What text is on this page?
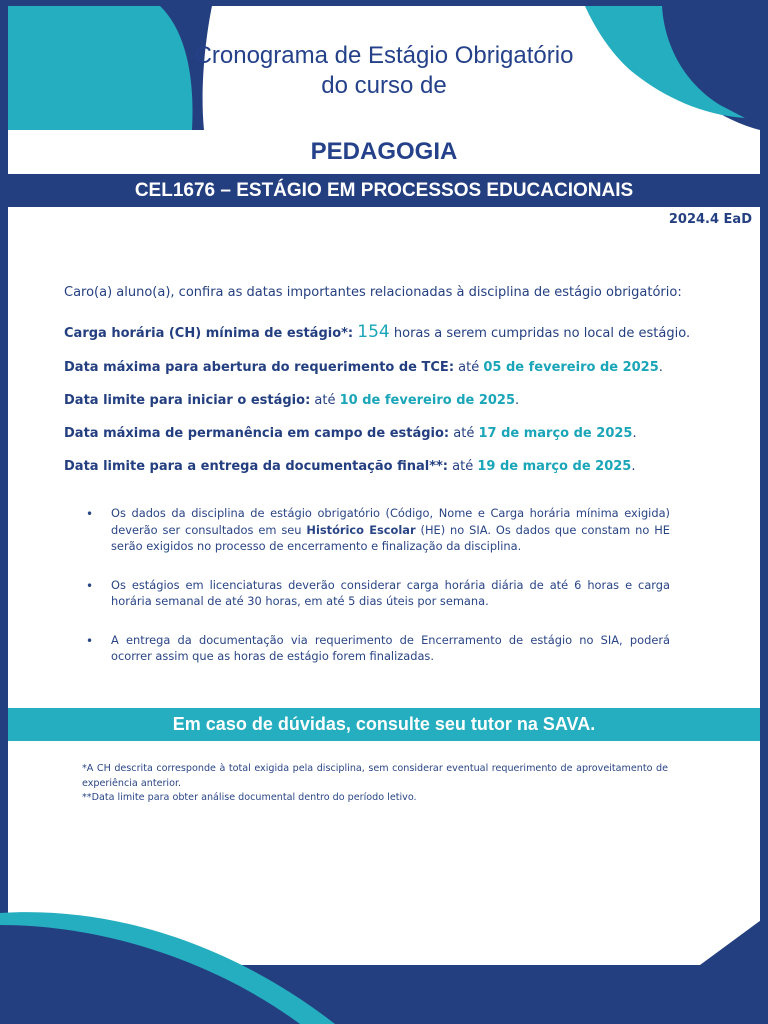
Cronograma de Estágio Obrigatório
do curso de
PEDAGOGIA
CEL1676 – ESTÁGIO EM PROCESSOS EDUCACIONAIS
2024.4 EaD
Caro(a) aluno(a), confira as datas importantes relacionadas à disciplina de estágio obrigatório:
Carga horária (CH) mínima de estágio*: 154 horas a serem cumpridas no local de estágio.
Data máxima para abertura do requerimento de TCE: até 05 de fevereiro de 2025.
Data limite para iniciar o estágio: até 10 de fevereiro de 2025.
Data máxima de permanência em campo de estágio: até 17 de março de 2025.
Data limite para a entrega da documentação final**: até 19 de março de 2025.
• Os dados da disciplina de estágio obrigatório (Código, Nome e Carga horária mínima exigida) deverão ser consultados em seu Histórico Escolar (HE) no SIA. Os dados que constam no HE serão exigidos no processo de encerramento e finalização da disciplina.
• Os estágios em licenciaturas deverão considerar carga horária diária de até 6 horas e carga horária semanal de até 30 horas, em até 5 dias úteis por semana.
• A entrega da documentação via requerimento de Encerramento de estágio no SIA, poderá ocorrer assim que as horas de estágio forem finalizadas.
Em caso de dúvidas, consulte seu tutor na SAVA.
*A CH descrita corresponde à total exigida pela disciplina, sem considerar eventual requerimento de aproveitamento de experiência anterior.
**Data limite para obter análise documental dentro do período letivo.
